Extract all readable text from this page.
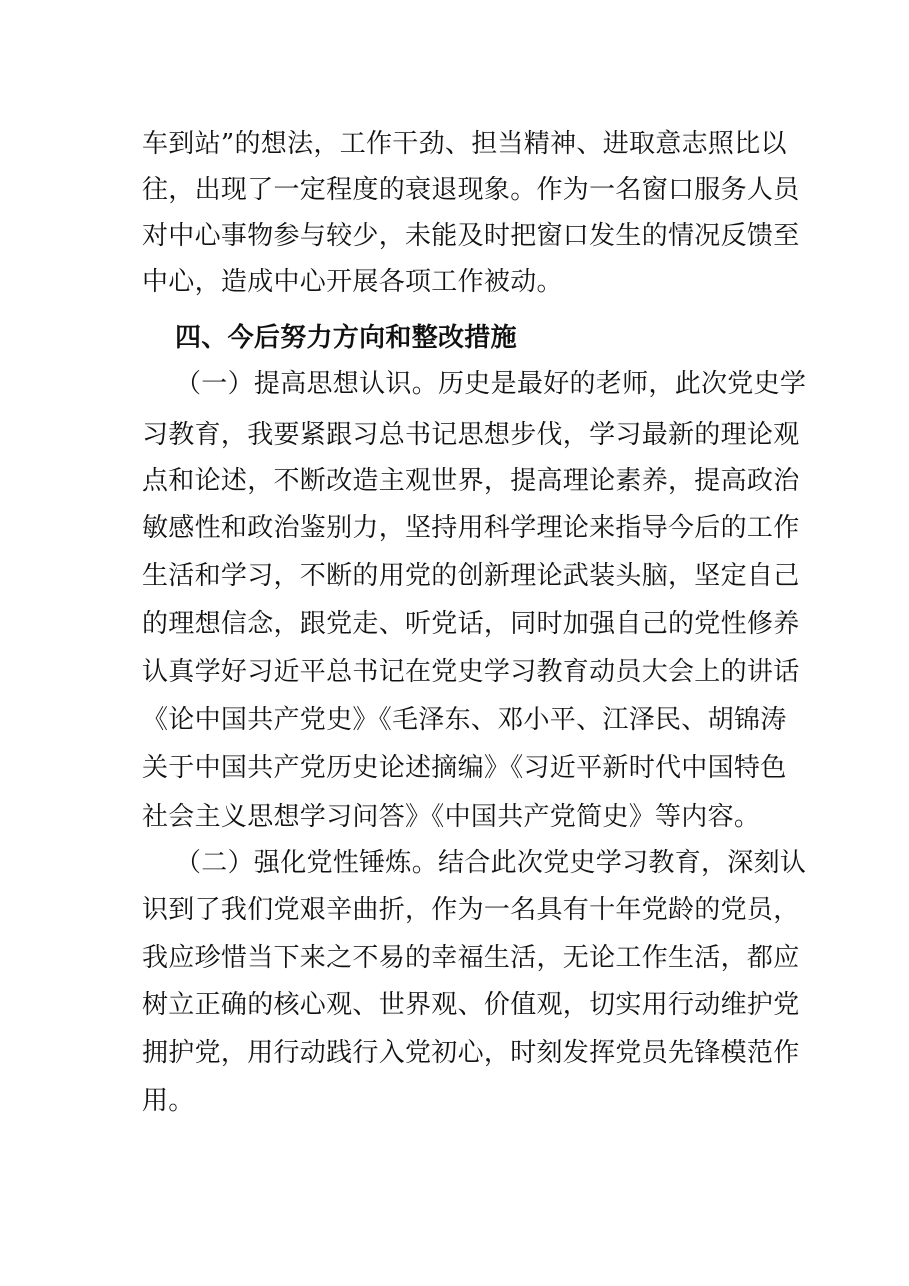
车到站”的想法，工作干劲、担当精神、进取意志照比以
往，出现了一定程度的衰退现象。作为一名窗口服务人员
对中心事物参与较少，未能及时把窗口发生的情况反馈至
中心，造成中心开展各项工作被动。
四、今后努力方向和整改措施
（一）提高思想认识。历史是最好的老师，此次党史学
习教育，我要紧跟习总书记思想步伐，学习最新的理论观
点和论述，不断改造主观世界，提高理论素养，提高政治
敏感性和政治鉴别力，坚持用科学理论来指导今后的工作
生活和学习，不断的用党的创新理论武装头脑，坚定自己
的理想信念，跟党走、听党话，同时加强自己的党性修养
认真学好习近平总书记在党史学习教育动员大会上的讲话
《论中国共产党史》《毛泽东、邓小平、江泽民、胡锦涛
关于中国共产党历史论述摘编》《习近平新时代中国特色
社会主义思想学习问答》《中国共产党简史》等内容。
（二）强化党性锤炼。结合此次党史学习教育，深刻认
识到了我们党艰辛曲折，作为一名具有十年党龄的党员，
我应珍惜当下来之不易的幸福生活，无论工作生活，都应
树立正确的核心观、世界观、价值观，切实用行动维护党
拥护党，用行动践行入党初心，时刻发挥党员先锋模范作
用。
